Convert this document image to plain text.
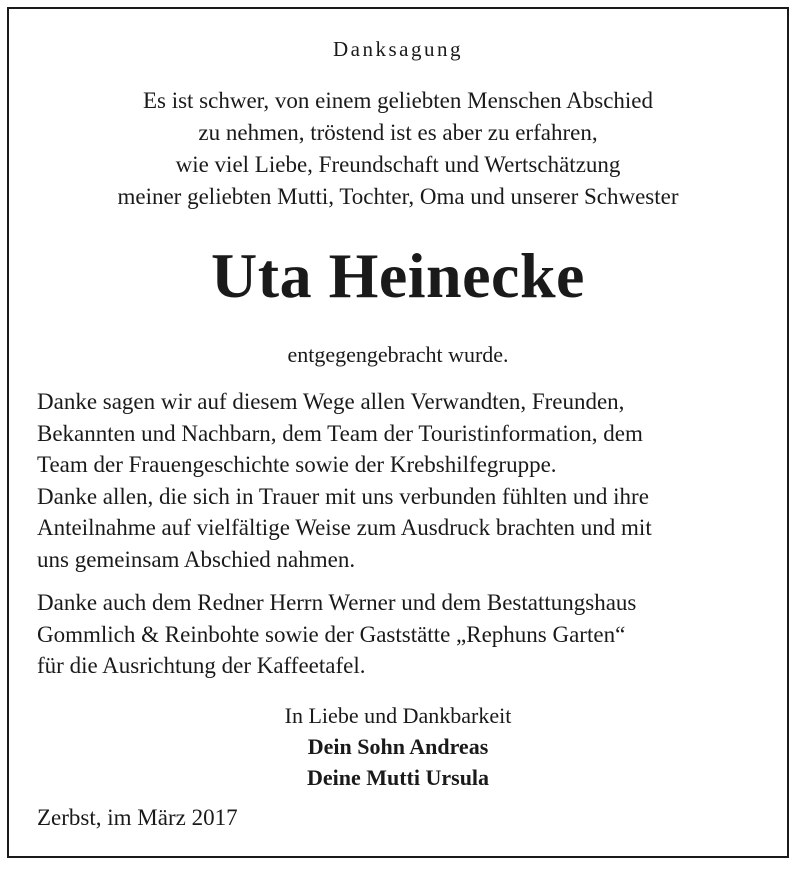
Danksagung
Es ist schwer, von einem geliebten Menschen Abschied
zu nehmen, tröstend ist es aber zu erfahren,
wie viel Liebe, Freundschaft und Wertschätzung
meiner geliebten Mutti, Tochter, Oma und unserer Schwester
Uta Heinecke
entgegengebracht wurde.
Danke sagen wir auf diesem Wege allen Verwandten, Freunden,
Bekannten und Nachbarn, dem Team der Touristinformation, dem
Team der Frauengeschichte sowie der Krebshilfegruppe.
Danke allen, die sich in Trauer mit uns verbunden fühlten und ihre
Anteilnahme auf vielfältige Weise zum Ausdruck brachten und mit
uns gemeinsam Abschied nahmen.
Danke auch dem Redner Herrn Werner und dem Bestattungshaus
Gommlich & Reinbohte sowie der Gaststätte „Rephuns Garten“
für die Ausrichtung der Kaffeetafel.
In Liebe und Dankbarkeit
Dein Sohn Andreas
Deine Mutti Ursula
Zerbst, im März 2017
